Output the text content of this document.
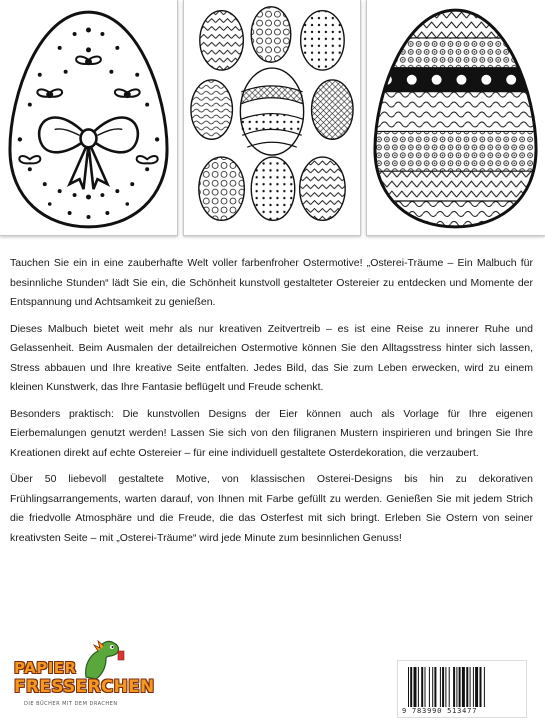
Tauchen Sie ein in eine zauberhafte Welt voller farbenfroher Ostermotive! „Osterei-Träume – Ein Malbuch für besinnliche Stunden“ lädt Sie ein, die Schönheit kunstvoll gestalteter Ostereier zu entdecken und Momente der Entspannung und Achtsamkeit zu genießen.

Dieses Malbuch bietet weit mehr als nur kreativen Zeitvertreib – es ist eine Reise zu innerer Ruhe und Gelassenheit. Beim Ausmalen der detailreichen Ostermotive können Sie den Alltagsstress hinter sich lassen, Stress abbauen und Ihre kreative Seite entfalten. Jedes Bild, das Sie zum Leben erwecken, wird zu einem kleinen Kunstwerk, das Ihre Fantasie beflügelt und Freude schenkt.

Besonders praktisch: Die kunstvollen Designs der Eier können auch als Vorlage für Ihre eigenen Eierbemalungen genutzt werden! Lassen Sie sich von den filigranen Mustern inspirieren und bringen Sie Ihre Kreationen direkt auf echte Ostereier – für eine individuell gestaltete Osterdekoration, die verzaubert.

Über 50 liebevoll gestaltete Motive, von klassischen Osterei-Designs bis hin zu dekorativen Frühlingsarrangements, warten darauf, von Ihnen mit Farbe gefüllt zu werden. Genießen Sie mit jedem Strich die friedvolle Atmosphäre und die Freude, die das Osterfest mit sich bringt. Erleben Sie Ostern von seiner kreativsten Seite – mit „Osterei-Träume“ wird jede Minute zum besinnlichen Genuss!

PAPIER
FRESSERCHEN
DIE BÜCHER MIT DEM DRACHEN
9 783990 513477
